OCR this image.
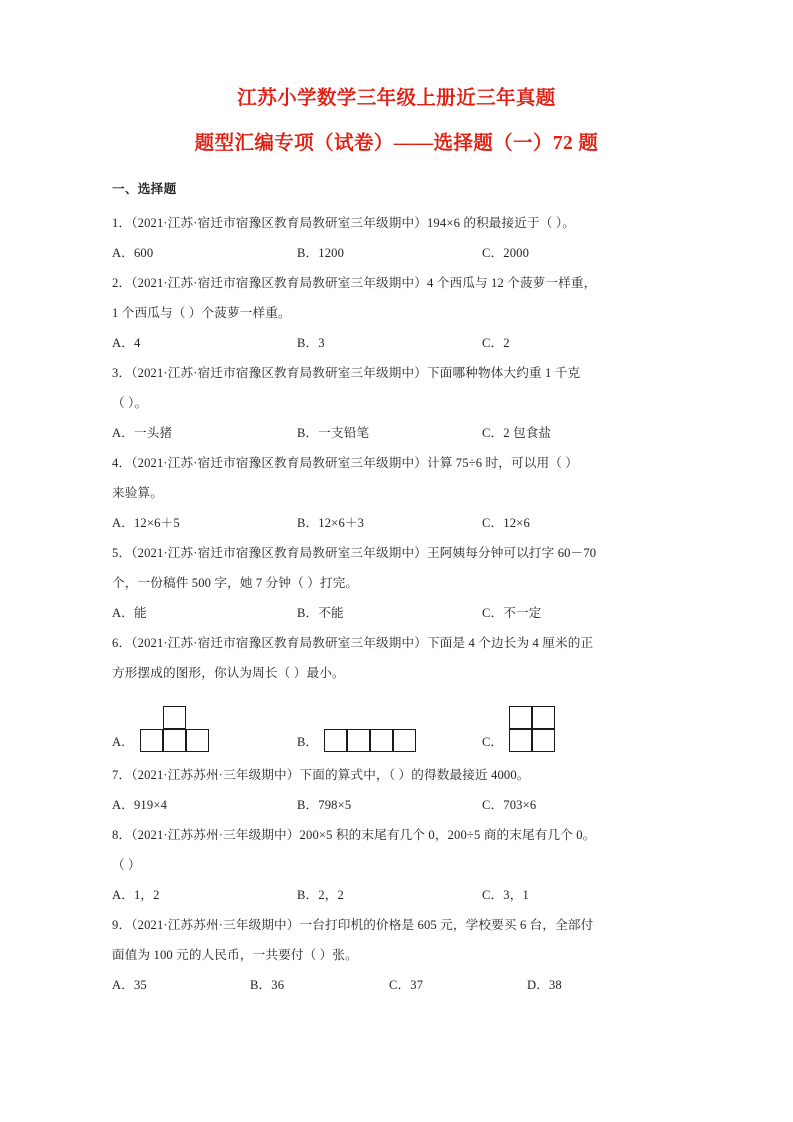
江苏小学数学三年级上册近三年真题
题型汇编专项（试卷）——选择题（一）72 题
一、选择题
1．（2021·江苏·宿迁市宿豫区教育局教研室三年级期中）194×6 的积最接近于（ ）。
A．600	B．1200	C．2000
2．（2021·江苏·宿迁市宿豫区教育局教研室三年级期中）4 个西瓜与 12 个菠萝一样重，
1 个西瓜与（ ）个菠萝一样重。
A．4	B．3	C．2
3．（2021·江苏·宿迁市宿豫区教育局教研室三年级期中）下面哪种物体大约重 1 千克
（ ）。
A．一头猪	B．一支铅笔	C．2 包食盐
4．（2021·江苏·宿迁市宿豫区教育局教研室三年级期中）计算 75÷6 时，可以用（ ）
来验算。
A．12×6＋5	B．12×6＋3	C．12×6
5．（2021·江苏·宿迁市宿豫区教育局教研室三年级期中）王阿姨每分钟可以打字 60－70
个，一份稿件 500 字，她 7 分钟（ ）打完。
A．能	B．不能	C．不一定
6．（2021·江苏·宿迁市宿豫区教育局教研室三年级期中）下面是 4 个边长为 4 厘米的正
方形摆成的图形，你认为周长（ ）最小。
A．	B．	C．
7．（2021·江苏苏州·三年级期中）下面的算式中，（ ）的得数最接近 4000。
A．919×4	B．798×5	C．703×6
8．（2021·江苏苏州·三年级期中）200×5 积的末尾有几个 0，200÷5 商的末尾有几个 0。
（ ）
A．1，2	B．2，2	C．3，1
9．（2021·江苏苏州·三年级期中）一台打印机的价格是 605 元，学校要买 6 台，全部付
面值为 100 元的人民币，一共要付（ ）张。
A．35	B．36	C．37	D．38
